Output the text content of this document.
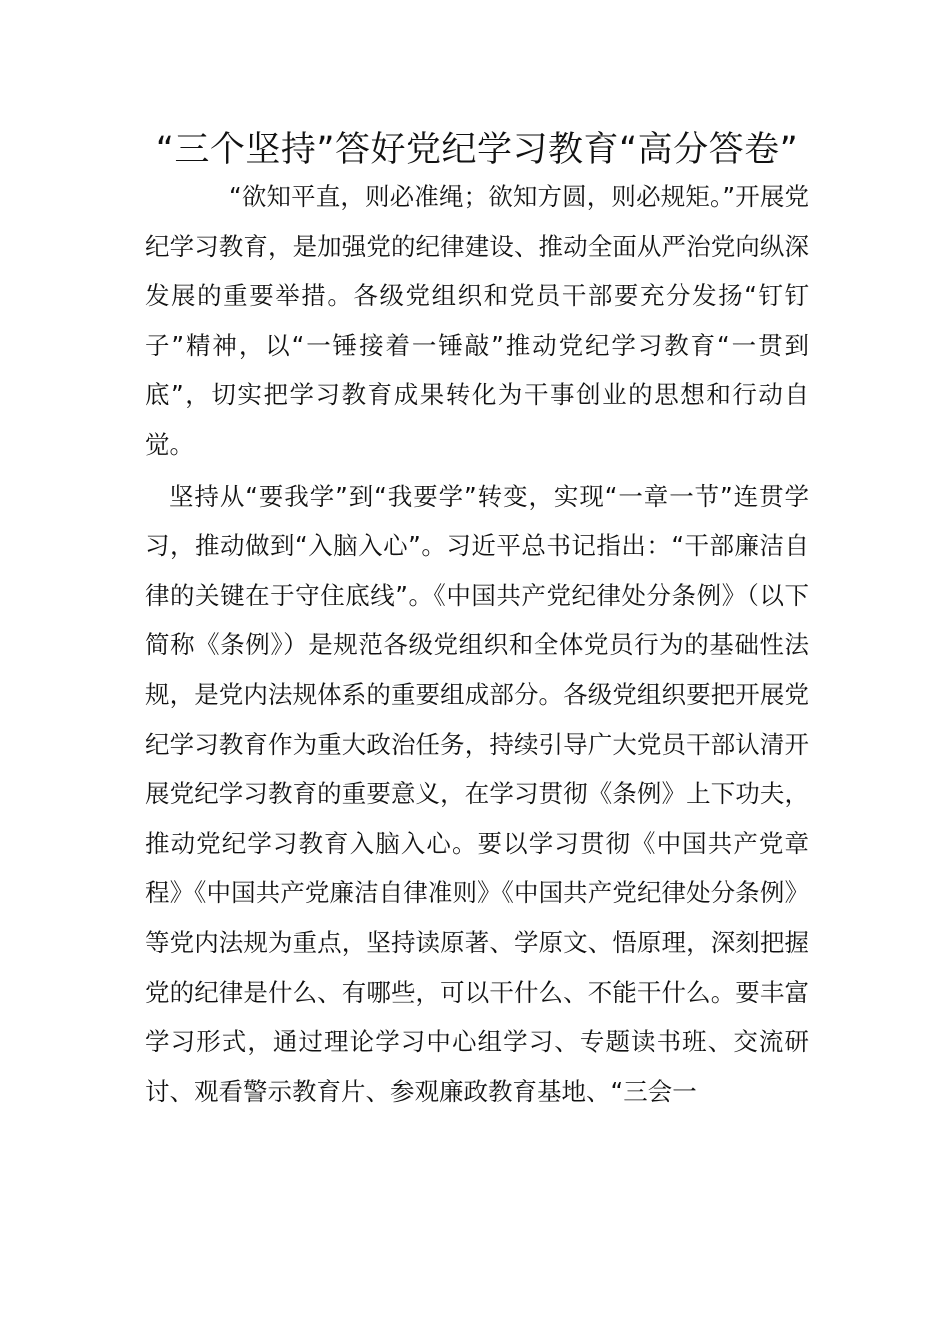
“三个坚持”答好党纪学习教育“高分答卷”

“欲知平直，则必准绳；欲知方圆，则必规矩。”开展党纪学习教育，是加强党的纪律建设、推动全面从严治党向纵深发展的重要举措。各级党组织和党员干部要充分发扬“钉钉子”精神，以“一锤接着一锤敲”推动党纪学习教育“一贯到底”，切实把学习教育成果转化为干事创业的思想和行动自觉。

坚持从“要我学”到“我要学”转变，实现“一章一节”连贯学习，推动做到“入脑入心”。习近平总书记指出：“干部廉洁自律的关键在于守住底线”。《中国共产党纪律处分条例》（以下简称《条例》）是规范各级党组织和全体党员行为的基础性法规，是党内法规体系的重要组成部分。各级党组织要把开展党纪学习教育作为重大政治任务，持续引导广大党员干部认清开展党纪学习教育的重要意义，在学习贯彻《条例》上下功夫，推动党纪学习教育入脑入心。要以学习贯彻《中国共产党章程》《中国共产党廉洁自律准则》《中国共产党纪律处分条例》等党内法规为重点，坚持读原著、学原文、悟原理，深刻把握党的纪律是什么、有哪些，可以干什么、不能干什么。要丰富学习形式，通过理论学习中心组学习、专题读书班、交流研讨、观看警示教育片、参观廉政教育基地、“三会一
